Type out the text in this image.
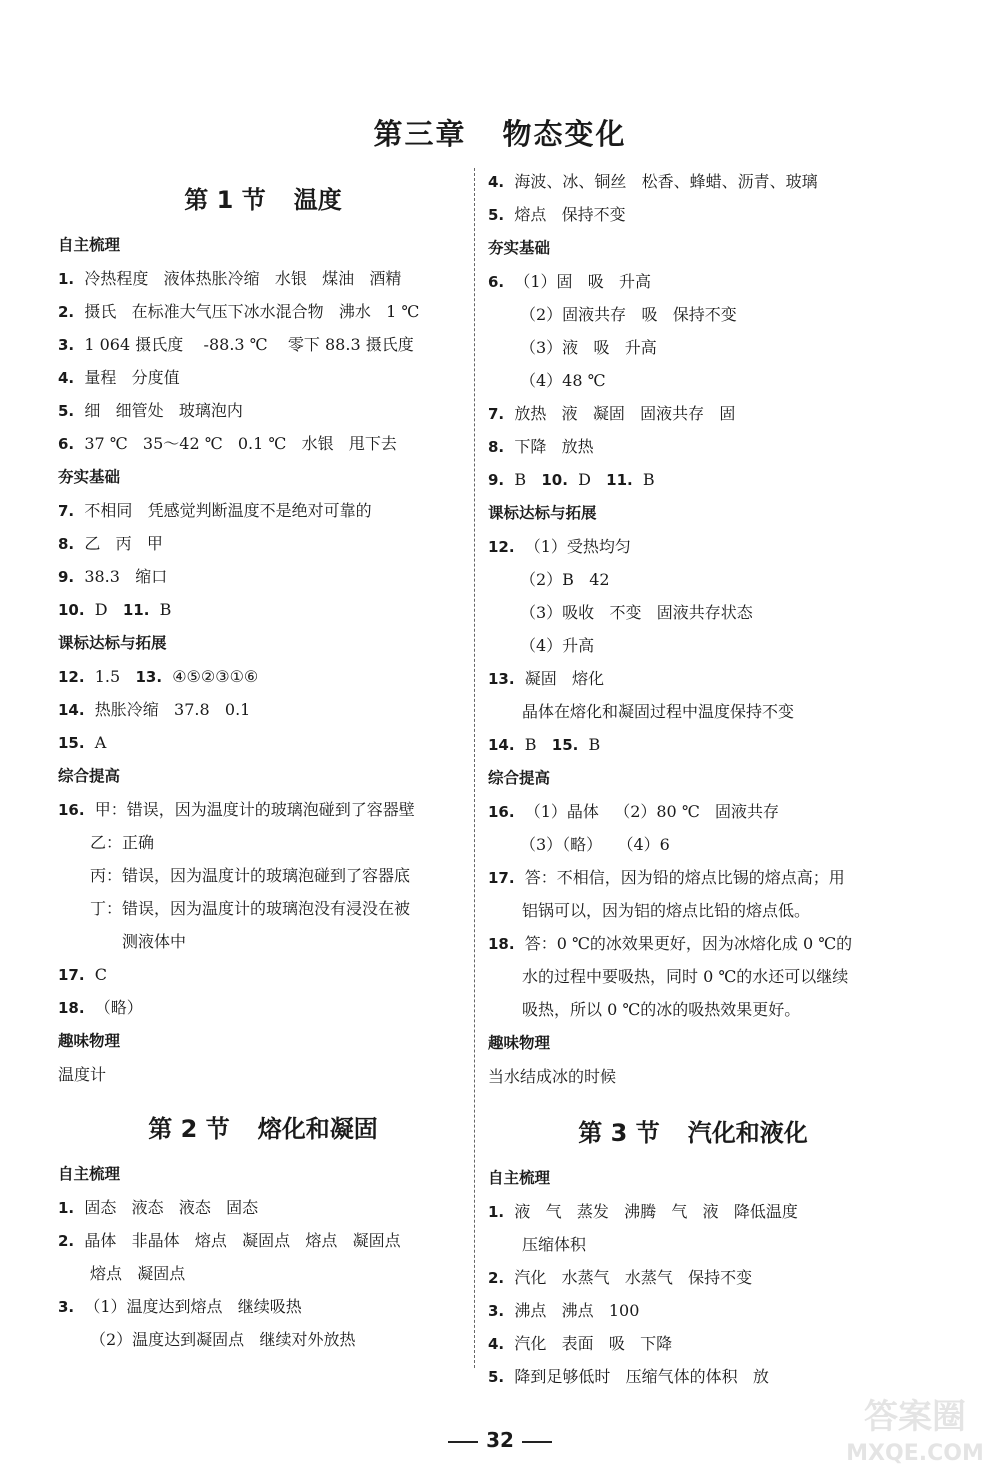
第三章 物态变化
第 1 节 温度
自主梳理
1. 冷热程度   液体热胀冷缩   水银   煤油   酒精
2. 摄氏   在标准大气压下冰水混合物   沸水   1 ℃
3. 1 064 摄氏度    -88.3 ℃    零下 88.3 摄氏度
4. 量程   分度值
5. 细   细管处   玻璃泡内
6. 37 ℃   35～42 ℃   0.1 ℃   水银   甩下去
夯实基础
7. 不相同   凭感觉判断温度不是绝对可靠的
8. 乙   丙   甲
9. 38.3   缩口
10. D   11. B
课标达标与拓展
12. 1.5   13. ④⑤②③①⑥
14. 热胀冷缩   37.8   0.1
15. A
综合提高
16. 甲：错误，因为温度计的玻璃泡碰到了容器壁
乙：正确
丙：错误，因为温度计的玻璃泡碰到了容器底
丁：错误，因为温度计的玻璃泡没有浸没在被
测液体中
17. C
18. （略）
趣味物理
温度计
第 2 节 熔化和凝固
自主梳理
1. 固态   液态   液态   固态
2. 晶体   非晶体   熔点   凝固点   熔点   凝固点
熔点   凝固点
3. （1）温度达到熔点   继续吸热
（2）温度达到凝固点   继续对外放热
4. 海波、冰、铜丝   松香、蜂蜡、沥青、玻璃
5. 熔点   保持不变
夯实基础
6. （1）固   吸   升高
（2）固液共存   吸   保持不变
（3）液   吸   升高
（4）48 ℃
7. 放热   液   凝固   固液共存   固
8. 下降   放热
9. B   10. D   11. B
课标达标与拓展
12. （1）受热均匀
（2）B   42
（3）吸收   不变   固液共存状态
（4）升高
13. 凝固   熔化
晶体在熔化和凝固过程中温度保持不变
14. B   15. B
综合提高
16. （1）晶体   （2）80 ℃   固液共存
（3）（略）   （4）6
17. 答：不相信，因为铅的熔点比锡的熔点高；用
铝锅可以，因为铝的熔点比铅的熔点低。
18. 答：0 ℃的冰效果更好，因为冰熔化成 0 ℃的
水的过程中要吸热，同时 0 ℃的水还可以继续
吸热，所以 0 ℃的冰的吸热效果更好。
趣味物理
当水结成冰的时候
第 3 节 汽化和液化
自主梳理
1. 液   气   蒸发   沸腾   气   液   降低温度
压缩体积
2. 汽化   水蒸气   水蒸气   保持不变
3. 沸点   沸点   100
4. 汽化   表面   吸   下降
5. 降到足够低时   压缩气体的体积   放
32
答案圈
MXQE.COM
